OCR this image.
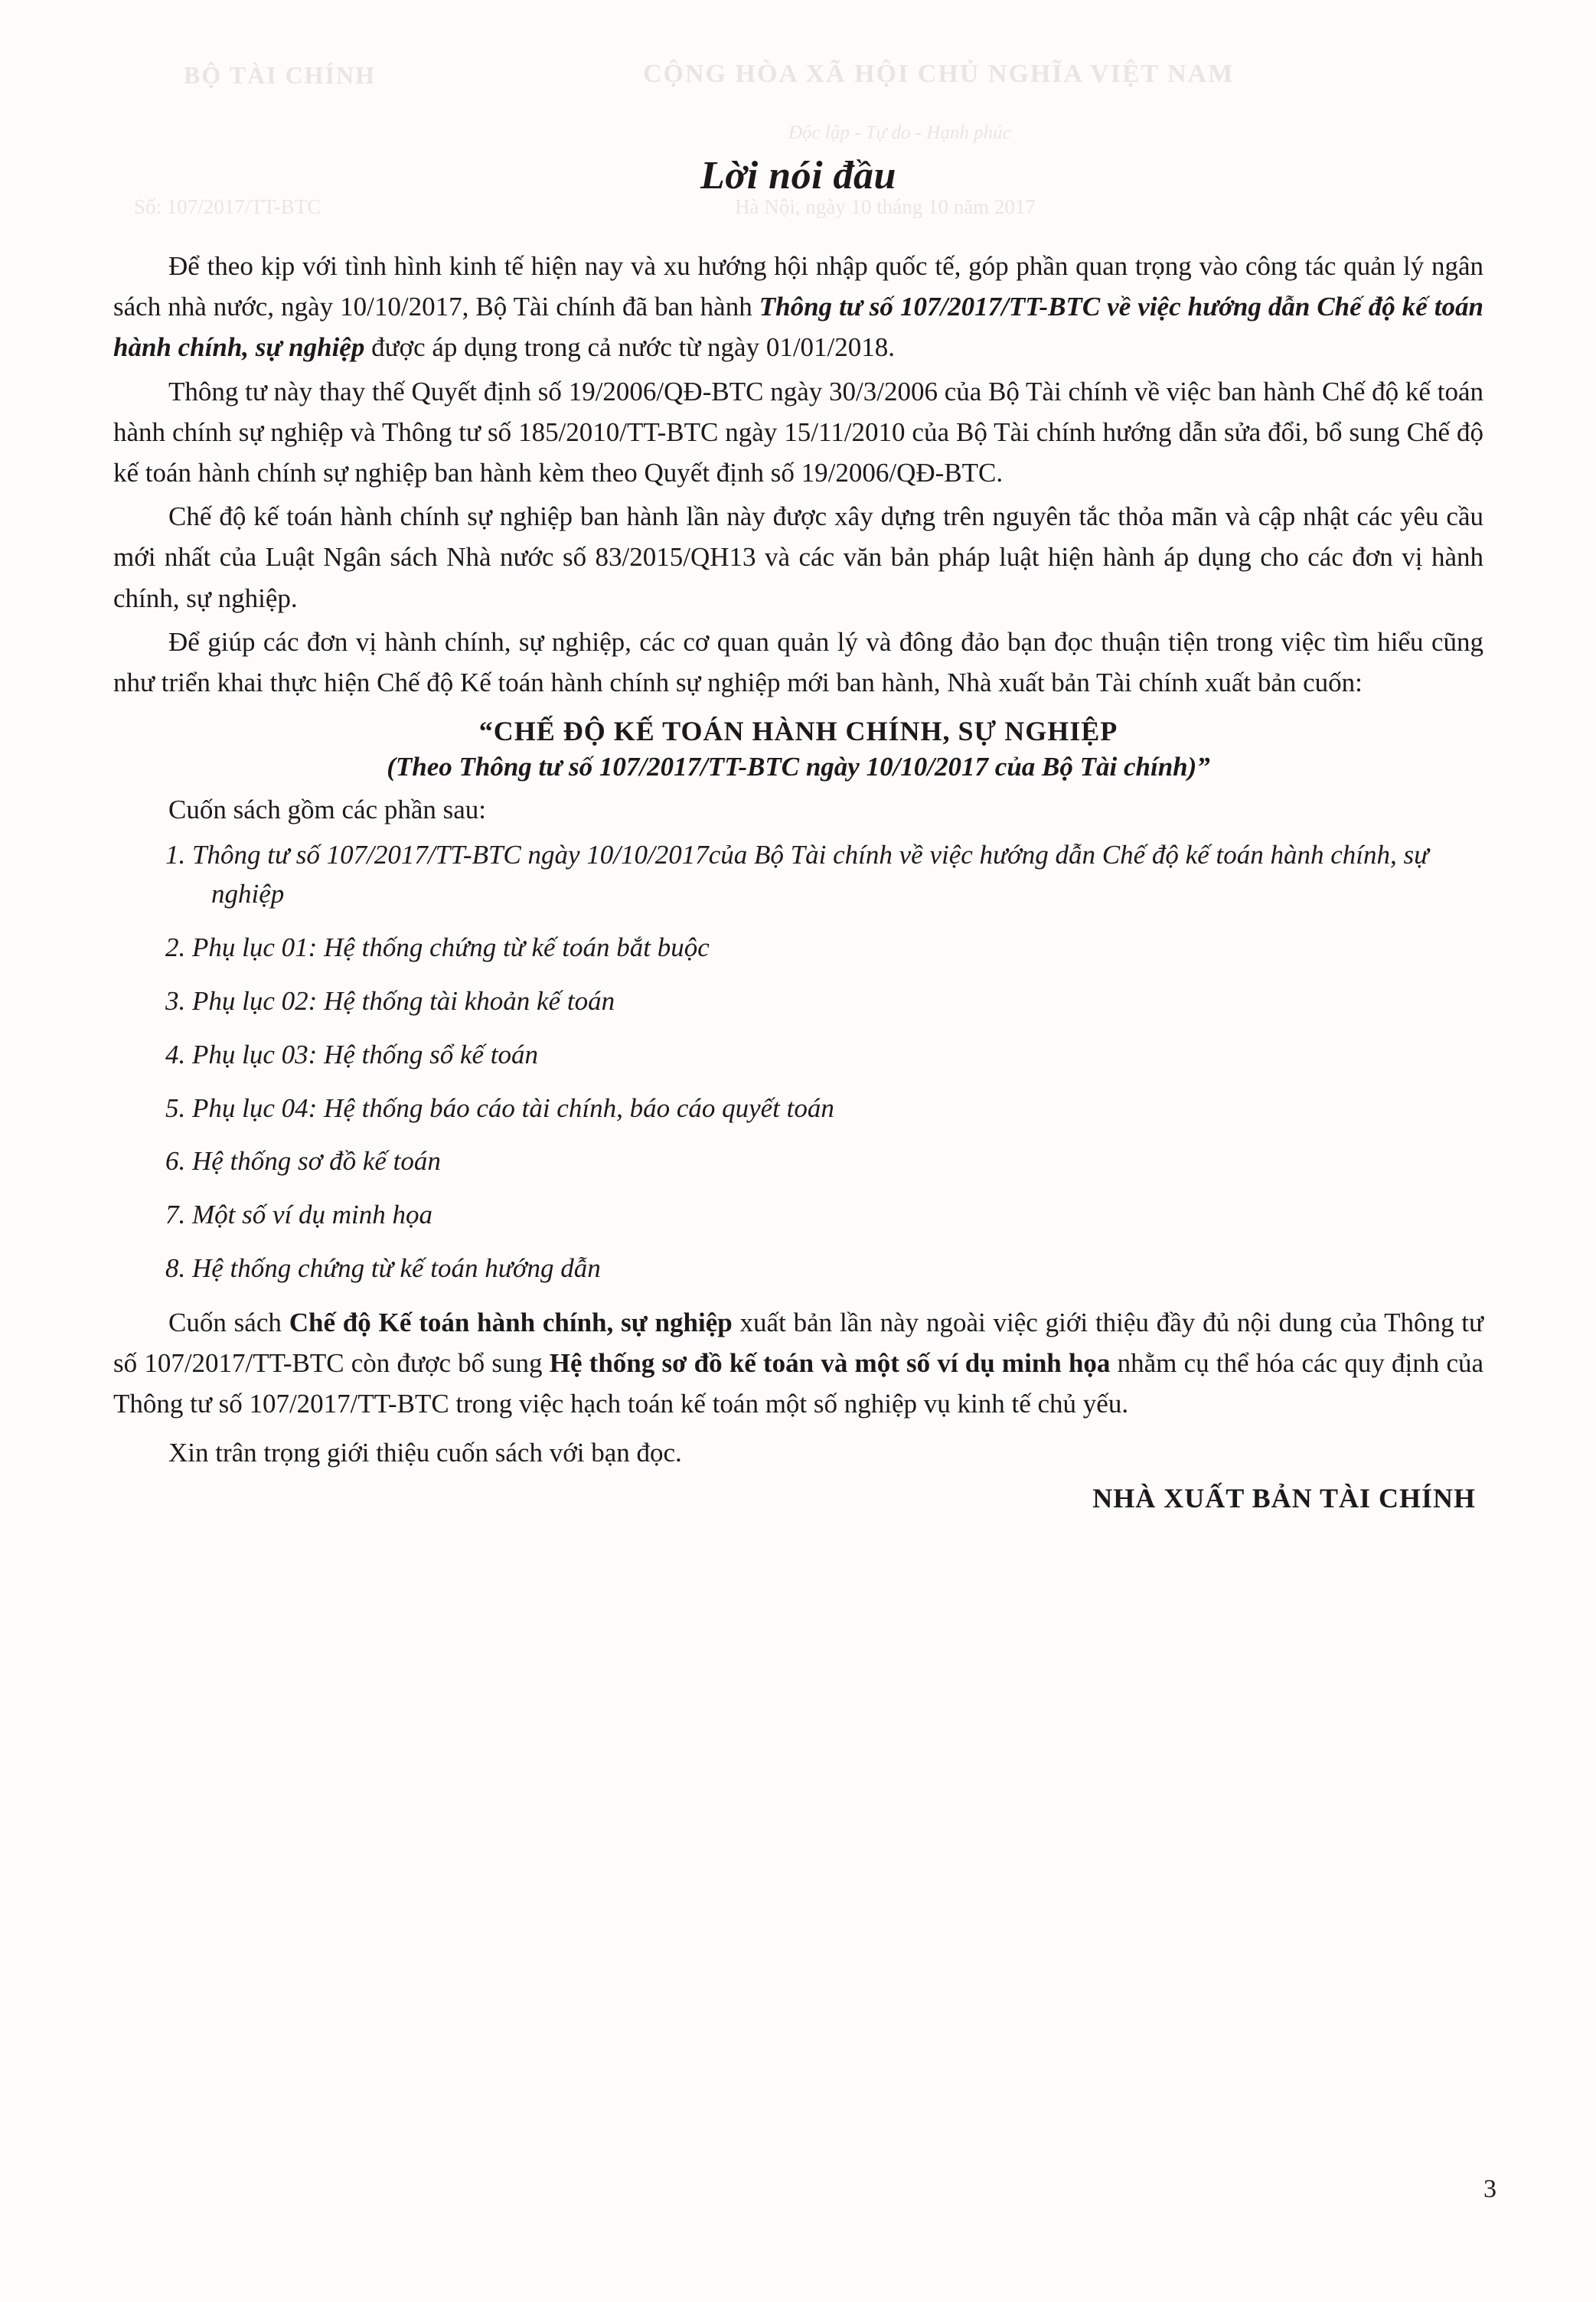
BỘ TÀI CHÍNH	CỘNG HÒA XÃ HỘI CHỦ NGHĨA VIỆT NAM
Độc lập - Tự do - Hạnh phúc
Số: 107/2017/TT-BTC	Hà Nội, ngày 10 tháng 10 năm 2017
Lời nói đầu

Để theo kịp với tình hình kinh tế hiện nay và xu hướng hội nhập quốc tế, góp phần quan trọng vào công tác quản lý ngân sách nhà nước, ngày 10/10/2017, Bộ Tài chính đã ban hành Thông tư số 107/2017/TT-BTC về việc hướng dẫn Chế độ kế toán hành chính, sự nghiệp được áp dụng trong cả nước từ ngày 01/01/2018.

Thông tư này thay thế Quyết định số 19/2006/QĐ-BTC ngày 30/3/2006 của Bộ Tài chính về việc ban hành Chế độ kế toán hành chính sự nghiệp và Thông tư số 185/2010/TT-BTC ngày 15/11/2010 của Bộ Tài chính hướng dẫn sửa đổi, bổ sung Chế độ kế toán hành chính sự nghiệp ban hành kèm theo Quyết định số 19/2006/QĐ-BTC.

Chế độ kế toán hành chính sự nghiệp ban hành lần này được xây dựng trên nguyên tắc thỏa mãn và cập nhật các yêu cầu mới nhất của Luật Ngân sách Nhà nước số 83/2015/QH13 và các văn bản pháp luật hiện hành áp dụng cho các đơn vị hành chính, sự nghiệp.

Để giúp các đơn vị hành chính, sự nghiệp, các cơ quan quản lý và đông đảo bạn đọc thuận tiện trong việc tìm hiểu cũng như triển khai thực hiện Chế độ Kế toán hành chính sự nghiệp mới ban hành, Nhà xuất bản Tài chính xuất bản cuốn:

“CHẾ ĐỘ KẾ TOÁN HÀNH CHÍNH, SỰ NGHIỆP
(Theo Thông tư số 107/2017/TT-BTC ngày 10/10/2017 của Bộ Tài chính)”

Cuốn sách gồm các phần sau:

1. Thông tư số 107/2017/TT-BTC ngày 10/10/2017của Bộ Tài chính về việc hướng dẫn Chế độ kế toán hành chính, sự nghiệp
2. Phụ lục 01: Hệ thống chứng từ kế toán bắt buộc
3. Phụ lục 02: Hệ thống tài khoản kế toán
4. Phụ lục 03: Hệ thống sổ kế toán
5. Phụ lục 04: Hệ thống báo cáo tài chính, báo cáo quyết toán
6. Hệ thống sơ đồ kế toán
7. Một số ví dụ minh họa
8. Hệ thống chứng từ kế toán hướng dẫn

Cuốn sách Chế độ Kế toán hành chính, sự nghiệp xuất bản lần này ngoài việc giới thiệu đầy đủ nội dung của Thông tư số 107/2017/TT-BTC còn được bổ sung Hệ thống sơ đồ kế toán và một số ví dụ minh họa nhằm cụ thể hóa các quy định của Thông tư số 107/2017/TT-BTC trong việc hạch toán kế toán một số nghiệp vụ kinh tế chủ yếu.

Xin trân trọng giới thiệu cuốn sách với bạn đọc.

NHÀ XUẤT BẢN TÀI CHÍNH
3
